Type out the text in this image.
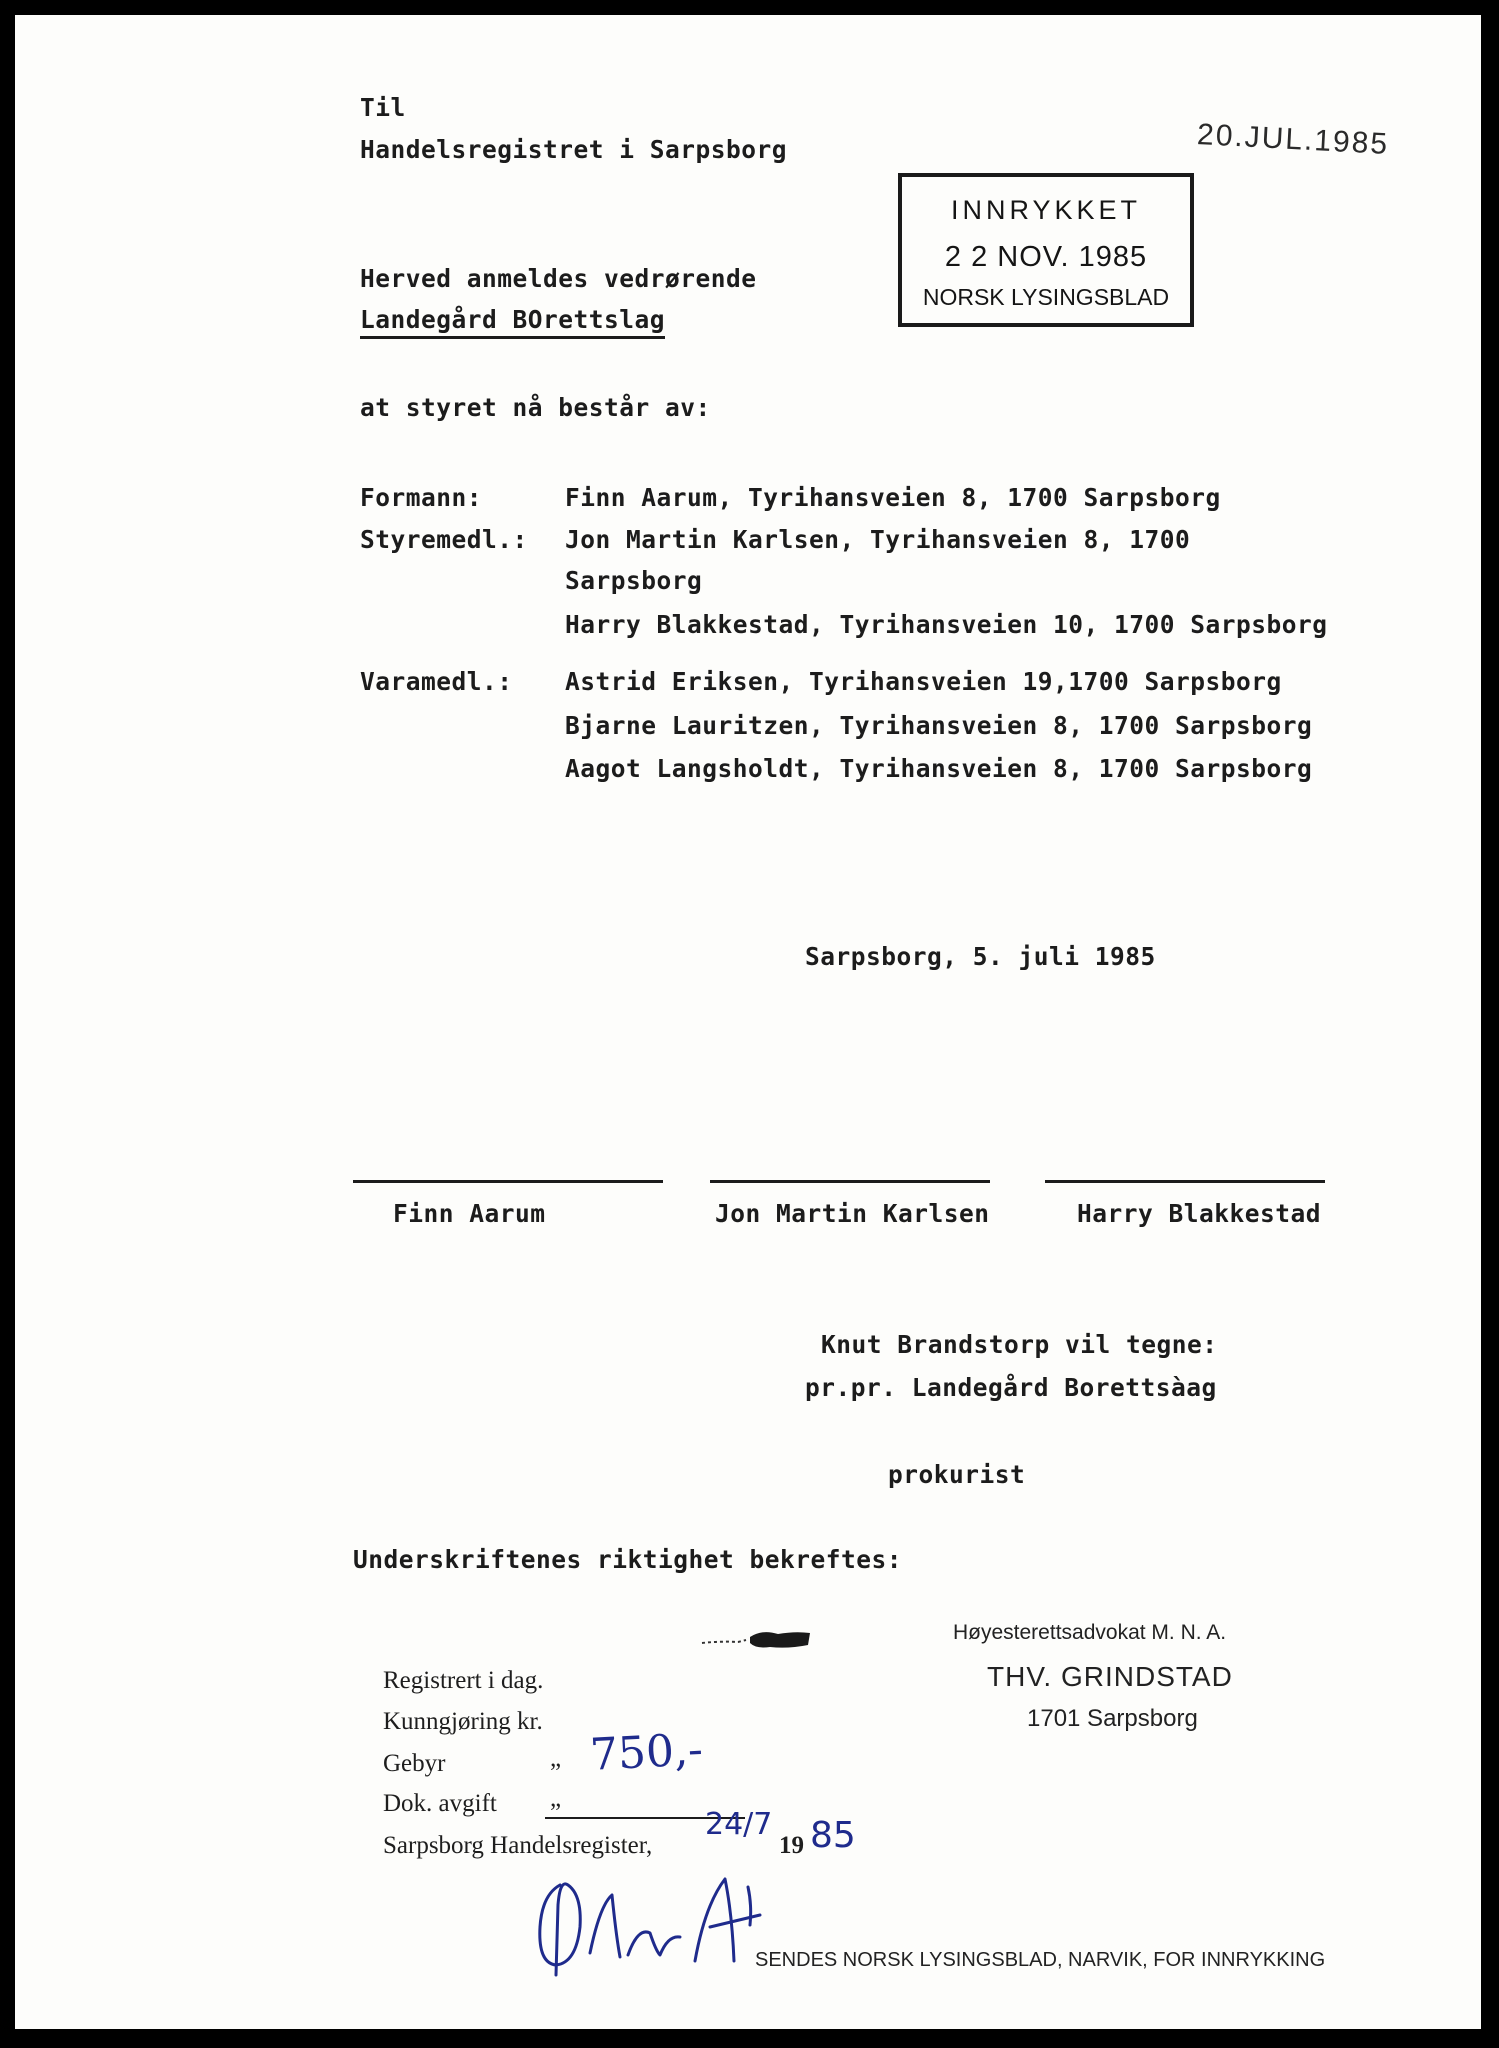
Til

Handelsregistret i Sarpsborg	20.JUL.1985

INNRYKKET
2 2 NOV. 1985
NORSK LYSINGSBLAD

Herved anmeldes vedrørende

Landegård BOrettslag

at styret nå består av:

Formann:	Finn Aarum, Tyrihansveien 8, 1700 Sarpsborg

Styremedl.: Jon Martin Karlsen, Tyrihansveien 8, 1700

Sarpsborg

Harry Blakkestad, Tyrihansveien 10, 1700 Sarpsborg

Varamedl.: Astrid Eriksen, Tyrihansveien 19,1700 Sarpsborg

Bjarne Lauritzen, Tyrihansveien 8, 1700 Sarpsborg

Aagot Langsholdt, Tyrihansveien 8, 1700 Sarpsborg

Sarpsborg, 5. juli 1985

Finn Aarum	Jon Martin Karlsen	Harry Blakkestad

Knut Brandstorp vil tegne:

pr.pr. Landegård Borettsàag

prokurist

Underskriftenes riktighet bekreftes:

Høyesterettsadvokat M. N. A.

THV. GRINDSTAD

1701 Sarpsborg

Registrert i dag.

Kunngjøring kr.

Gebyr	„ 750,-

Dok. avgift „

Sarpsborg Handelsregister,

24/7

19 85

SENDES NORSK LYSINGSBLAD, NARVIK, FOR INNRYKKING
